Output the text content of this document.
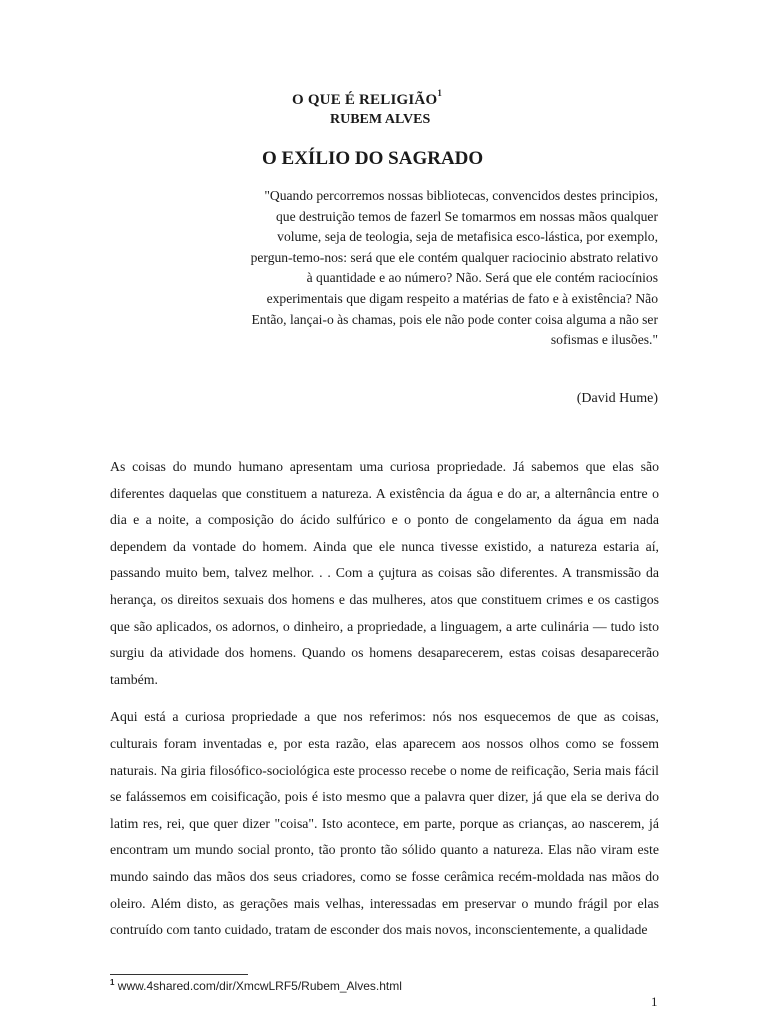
O QUE É RELIGIÃO$^1$
RUBEM ALVES
O EXÍLIO DO SAGRADO

"Quando percorremos nossas bibliotecas, convencidos destes principios, que destruição temos de fazerl Se tomarmos em nossas mãos qualquer volume, seja de teologia, seja de metafisica esco-lástica, por exemplo, pergun-temo-nos: será que ele contém qualquer raciocinio abstrato relativo à quantidade e ao número? Não. Será que ele contém raciocínios experimentais que digam respeito a matérias de fato e à existência? Não Então, lançai-o às chamas, pois ele não pode conter coisa alguma a não ser sofismas e ilusões."

(David Hume)

As coisas do mundo humano apresentam uma curiosa propriedade. Já sabemos que elas são diferentes daquelas que constituem a natureza. A existência da água e do ar, a alternância entre o dia e a noite, a composição do ácido sulfúrico e o ponto de congelamento da água em nada dependem da vontade do homem. Ainda que ele nunca tivesse existido, a natureza estaria aí, passando muito bem, talvez melhor. . . Com a çujtura as coisas são diferentes. A transmissão da herança, os direitos sexuais dos homens e das mulheres, atos que constituem crimes e os castigos que são aplicados, os adornos, o dinheiro, a propriedade, a linguagem, a arte culinária — tudo isto surgiu da atividade dos homens. Quando os homens desaparecerem, estas coisas desaparecerão também.

Aqui está a curiosa propriedade a que nos referimos: nós nos esquecemos de que as coisas, culturais foram inventadas e, por esta razão, elas aparecem aos nossos olhos como se fossem naturais. Na giria filosófico-sociológica este processo recebe o nome de reificação, Seria mais fácil se falássemos em coisificação, pois é isto mesmo que a palavra quer dizer, já que ela se deriva do latim res, rei, que quer dizer "coisa". Isto acontece, em parte, porque as crianças, ao nascerem, já encontram um mundo social pronto, tão pronto tão sólido quanto a natureza. Elas não viram este mundo saindo das mãos dos seus criadores, como se fosse cerâmica recém-moldada nas mãos do oleiro. Além disto, as gerações mais velhas, interessadas em preservar o mundo frágil por elas contruído com tanto cuidado, tratam de esconder dos mais novos, inconscientemente, a qualidade

$^1$ www.4shared.com/dir/XmcwLRF5/Rubem_Alves.html
1
